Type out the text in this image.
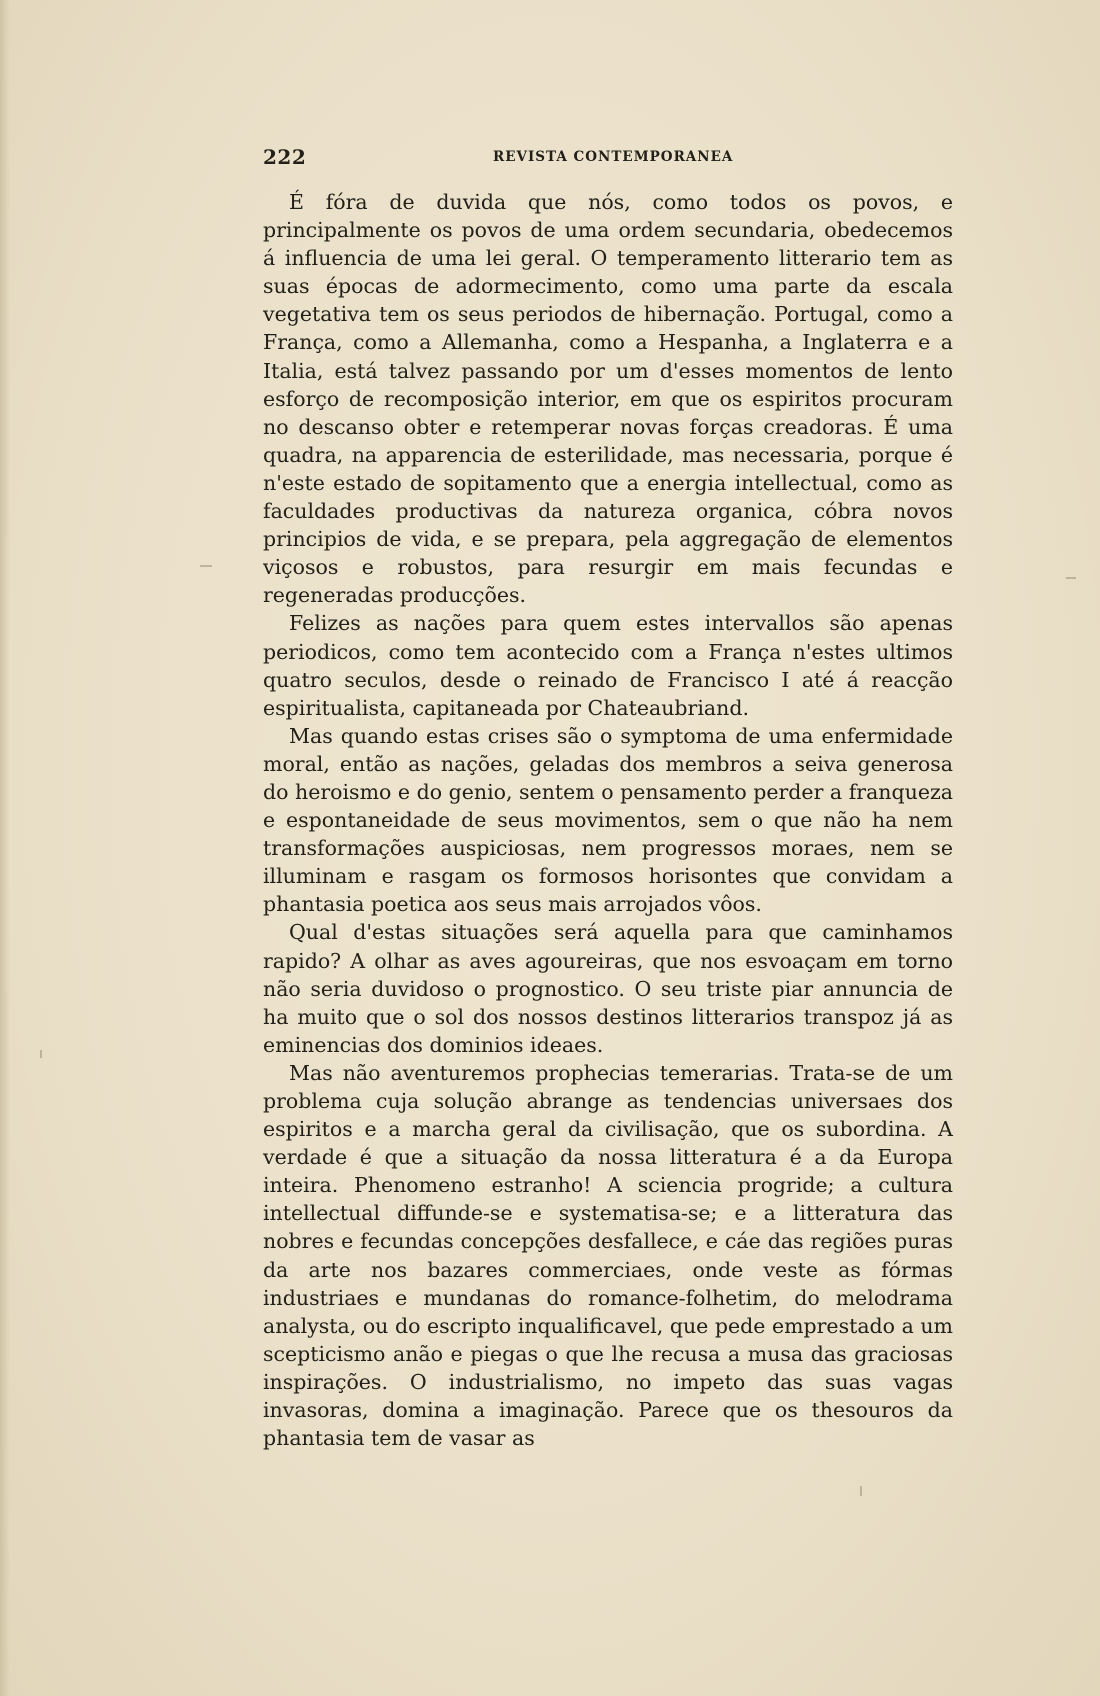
222	REVISTA CONTEMPORANEA

É fóra de duvida que nós, como todos os povos, e principalmente os povos de uma ordem secundaria, obedecemos á influencia de uma lei geral. O temperamento litterario tem as suas épocas de adormecimento, como uma parte da escala vegetativa tem os seus periodos de hibernação. Portugal, como a França, como a Allemanha, como a Hespanha, a Inglaterra e a Italia, está talvez passando por um d'esses momentos de lento esforço de recomposição interior, em que os espiritos procuram no descanso obter e retemperar novas forças creadoras. É uma quadra, na apparencia de esterilidade, mas necessaria, porque é n'este estado de sopitamento que a energia intellectual, como as faculdades productivas da natureza organica, cóbra novos principios de vida, e se prepara, pela aggregação de elementos viçosos e robustos, para resurgir em mais fecundas e regeneradas producções.

Felizes as nações para quem estes intervallos são apenas periodicos, como tem acontecido com a França n'estes ultimos quatro seculos, desde o reinado de Francisco I até á reacção espiritualista, capitaneada por Chateaubriand.

Mas quando estas crises são o symptoma de uma enfermidade moral, então as nações, geladas dos membros a seiva generosa do heroismo e do genio, sentem o pensamento perder a franqueza e espontaneidade de seus movimentos, sem o que não ha nem transformações auspiciosas, nem progressos moraes, nem se illuminam e rasgam os formosos horisontes que convidam a phantasia poetica aos seus mais arrojados vôos.

Qual d'estas situações será aquella para que caminhamos rapido? A olhar as aves agoureiras, que nos esvoaçam em torno não seria duvidoso o prognostico. O seu triste piar annuncia de ha muito que o sol dos nossos destinos litterarios transpoz já as eminencias dos dominios ideaes.

Mas não aventuremos prophecias temerarias. Trata-se de um problema cuja solução abrange as tendencias universaes dos espiritos e a marcha geral da civilisação, que os subordina. A verdade é que a situação da nossa litteratura é a da Europa inteira. Phenomeno estranho! A sciencia progride; a cultura intellectual diffunde-se e systematisa-se; e a litteratura das nobres e fecundas concepções desfallece, e cáe das regiões puras da arte nos bazares commerciaes, onde veste as fórmas industriaes e mundanas do romance-folhetim, do melodrama analysta, ou do escripto inqualificavel, que pede emprestado a um scepticismo anão e piegas o que lhe recusa a musa das graciosas inspirações. O industrialismo, no impeto das suas vagas invasoras, domina a imaginação. Parece que os thesouros da phantasia tem de vasar as
